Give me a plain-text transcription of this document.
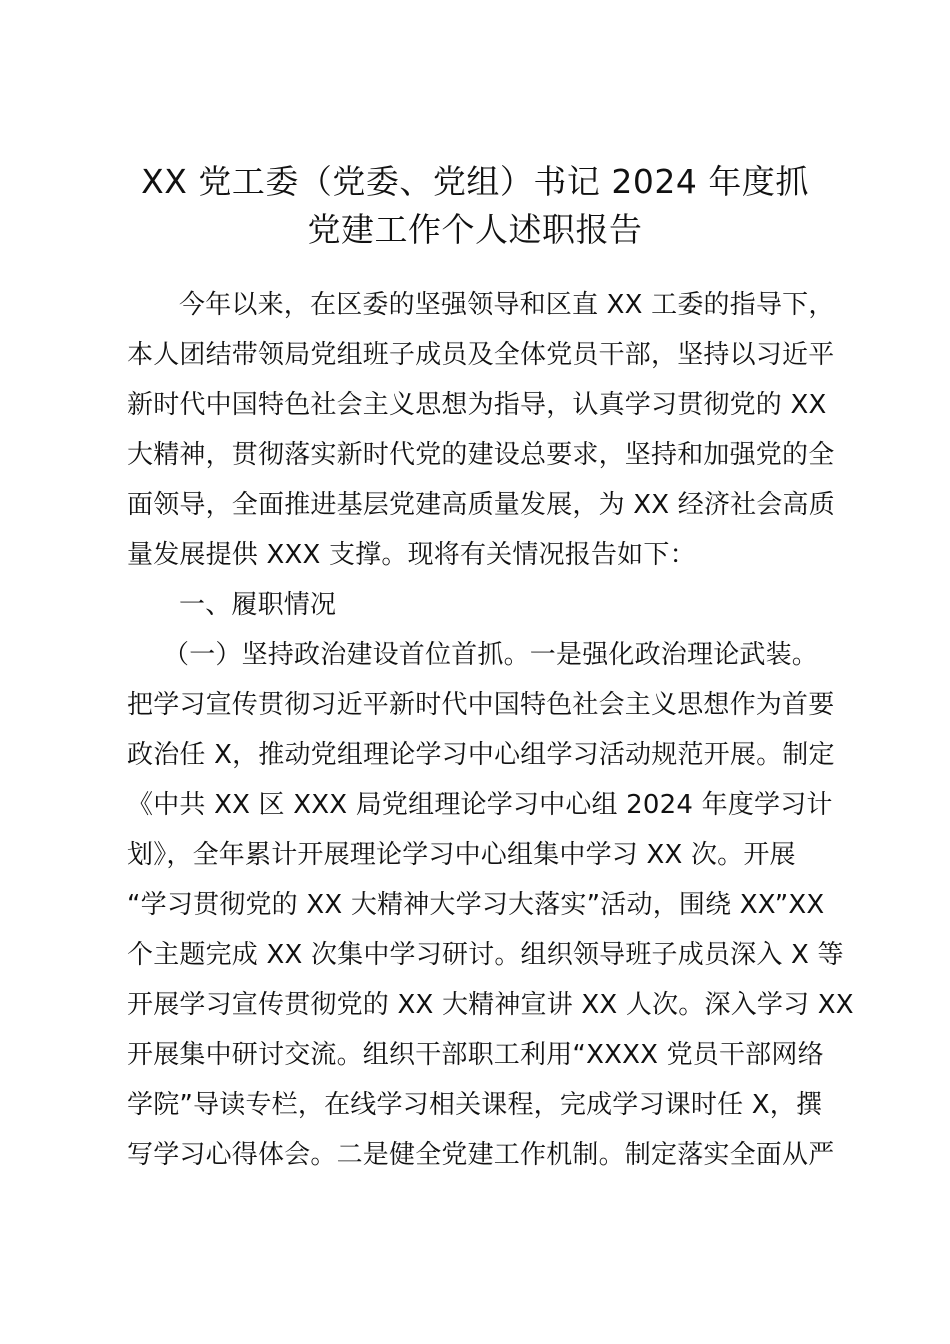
XX 党工委（党委、党组）书记 2024 年度抓
党建工作个人述职报告
今年以来，在区委的坚强领导和区直 XX 工委的指导下，
本人团结带领局党组班子成员及全体党员干部，坚持以习近平
新时代中国特色社会主义思想为指导，认真学习贯彻党的 XX
大精神，贯彻落实新时代党的建设总要求，坚持和加强党的全
面领导，全面推进基层党建高质量发展，为 XX 经济社会高质
量发展提供 XXX 支撑。现将有关情况报告如下：
一、履职情况
（一）坚持政治建设首位首抓。一是强化政治理论武装。
把学习宣传贯彻习近平新时代中国特色社会主义思想作为首要
政治任 X，推动党组理论学习中心组学习活动规范开展。制定
《中共 XX 区 XXX 局党组理论学习中心组 2024 年度学习计
划》，全年累计开展理论学习中心组集中学习 XX 次。开展
“学习贯彻党的 XX 大精神大学习大落实”活动，围绕 XX”XX
个主题完成 XX 次集中学习研讨。组织领导班子成员深入 X 等
开展学习宣传贯彻党的 XX 大精神宣讲 XX 人次。深入学习 XX
开展集中研讨交流。组织干部职工利用“XXXX 党员干部网络
学院”导读专栏，在线学习相关课程，完成学习课时任 X，撰
写学习心得体会。二是健全党建工作机制。制定落实全面从严
